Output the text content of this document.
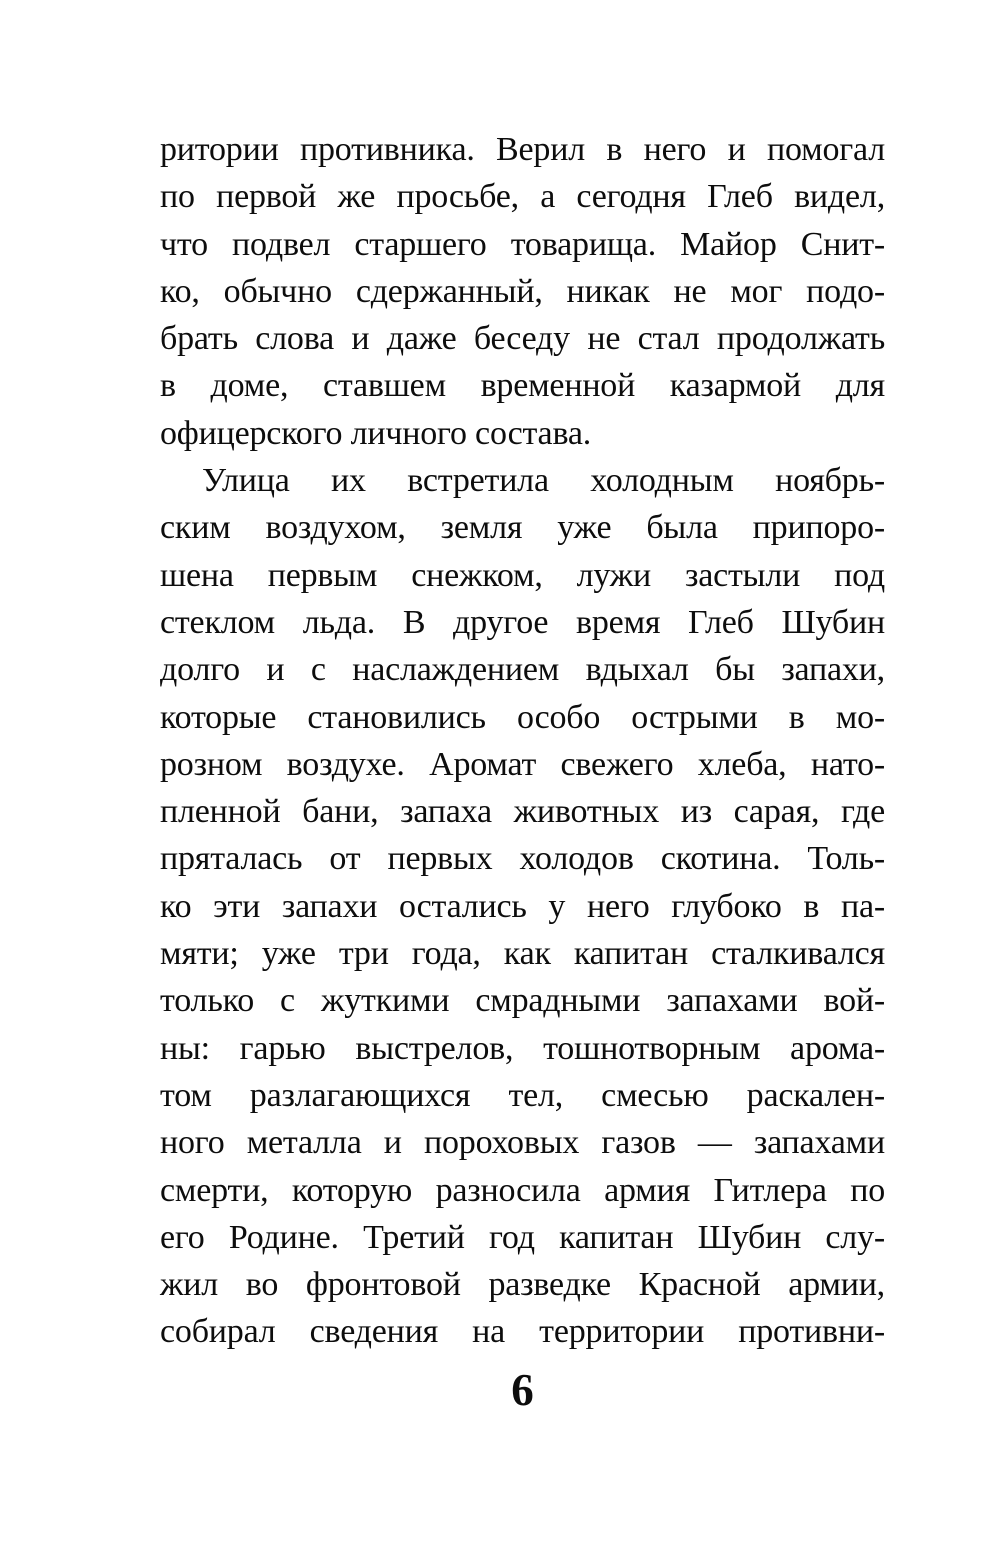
ритории противника. Верил в него и помогал
по первой же просьбе, а сегодня Глеб видел,
что подвел старшего товарища. Майор Снит-
ко, обычно сдержанный, никак не мог подо-
брать слова и даже беседу не стал продолжать
в доме, ставшем временной казармой для
офицерского личного состава.
Улица их встретила холодным ноябрь-
ским воздухом, земля уже была припоро-
шена первым снежком, лужи застыли под
стеклом льда. В другое время Глеб Шубин
долго и с наслаждением вдыхал бы запахи,
которые становились особо острыми в мо-
розном воздухе. Аромат свежего хлеба, нато-
пленной бани, запаха животных из сарая, где
пряталась от первых холодов скотина. Толь-
ко эти запахи остались у него глубоко в па-
мяти; уже три года, как капитан сталкивался
только с жуткими смрадными запахами вой-
ны: гарью выстрелов, тошнотворным арома-
том разлагающихся тел, смесью раскален-
ного металла и пороховых газов — запахами
смерти, которую разносила армия Гитлера по
его Родине. Третий год капитан Шубин слу-
жил во фронтовой разведке Красной армии,
собирал сведения на территории противни-
6
